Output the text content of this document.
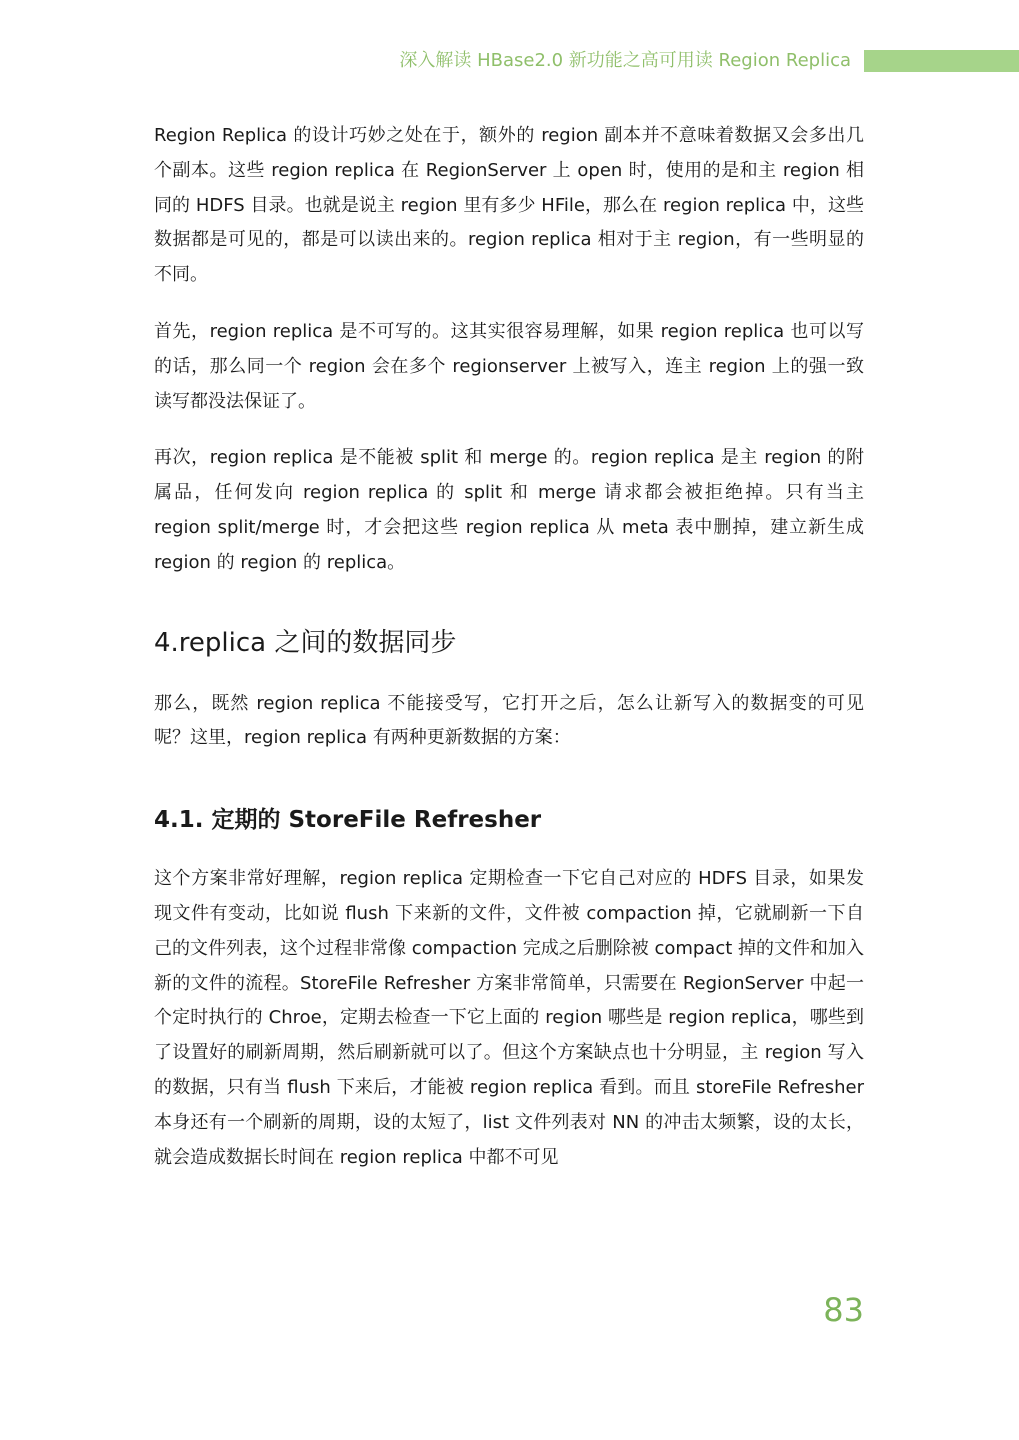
深入解读 HBase2.0 新功能之高可用读 Region Replica

Region Replica 的设计巧妙之处在于，额外的 region 副本并不意味着数据又会多出几个副本。这些 region replica 在 RegionServer 上 open 时，使用的是和主 region 相同的 HDFS 目录。也就是说主 region 里有多少 HFile，那么在 region replica 中，这些数据都是可见的，都是可以读出来的。region replica 相对于主 region，有一些明显的不同。

首先，region replica 是不可写的。这其实很容易理解，如果 region replica 也可以写的话，那么同一个 region 会在多个 regionserver 上被写入，连主 region 上的强一致读写都没法保证了。

再次，region replica 是不能被 split 和 merge 的。region replica 是主 region 的附属品，任何发向 region replica 的 split 和 merge 请求都会被拒绝掉。只有当主 region split/merge 时，才会把这些 region replica 从 meta 表中删掉，建立新生成 region 的 region 的 replica。

4.replica 之间的数据同步

那么，既然 region replica 不能接受写，它打开之后，怎么让新写入的数据变的可见呢？这里，region replica 有两种更新数据的方案：

4.1. 定期的 StoreFile Refresher

这个方案非常好理解，region replica 定期检查一下它自己对应的 HDFS 目录，如果发现文件有变动，比如说 flush 下来新的文件，文件被 compaction 掉，它就刷新一下自己的文件列表，这个过程非常像 compaction 完成之后删除被 compact 掉的文件和加入新的文件的流程。StoreFile Refresher 方案非常简单，只需要在 RegionServer 中起一个定时执行的 Chroe，定期去检查一下它上面的 region 哪些是 region replica，哪些到了设置好的刷新周期，然后刷新就可以了。但这个方案缺点也十分明显，主 region 写入的数据，只有当 flush 下来后，才能被 region replica 看到。而且 storeFile Refresher 本身还有一个刷新的周期，设的太短了，list 文件列表对 NN 的冲击太频繁，设的太长，就会造成数据长时间在 region replica 中都不可见

83
